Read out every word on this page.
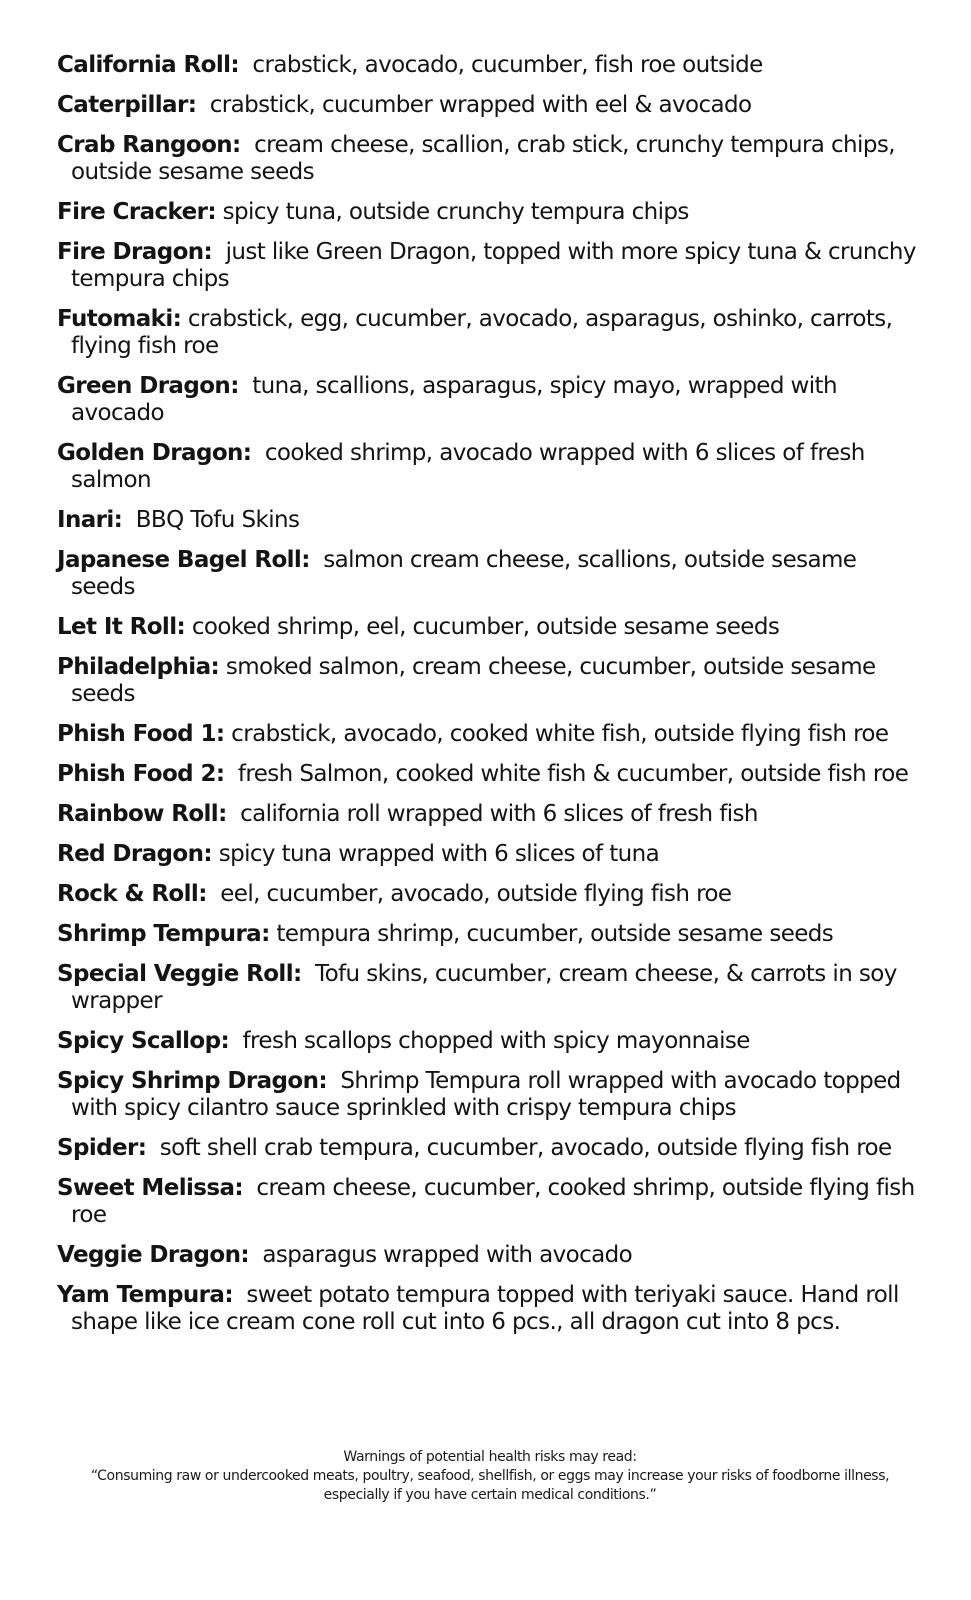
California Roll: crabstick, avocado, cucumber, fish roe outside
Caterpillar: crabstick, cucumber wrapped with eel & avocado
Crab Rangoon: cream cheese, scallion, crab stick, crunchy tempura chips, outside sesame seeds
Fire Cracker: spicy tuna, outside crunchy tempura chips
Fire Dragon: just like Green Dragon, topped with more spicy tuna & crunchy tempura chips
Futomaki: crabstick, egg, cucumber, avocado, asparagus, oshinko, carrots, flying fish roe
Green Dragon: tuna, scallions, asparagus, spicy mayo, wrapped with avocado
Golden Dragon: cooked shrimp, avocado wrapped with 6 slices of fresh salmon
Inari: BBQ Tofu Skins
Japanese Bagel Roll: salmon cream cheese, scallions, outside sesame seeds
Let It Roll: cooked shrimp, eel, cucumber, outside sesame seeds
Philadelphia: smoked salmon, cream cheese, cucumber, outside sesame seeds
Phish Food 1: crabstick, avocado, cooked white fish, outside flying fish roe
Phish Food 2: fresh Salmon, cooked white fish & cucumber, outside fish roe
Rainbow Roll: california roll wrapped with 6 slices of fresh fish
Red Dragon: spicy tuna wrapped with 6 slices of tuna
Rock & Roll: eel, cucumber, avocado, outside flying fish roe
Shrimp Tempura: tempura shrimp, cucumber, outside sesame seeds
Special Veggie Roll: Tofu skins, cucumber, cream cheese, & carrots in soy wrapper
Spicy Scallop: fresh scallops chopped with spicy mayonnaise
Spicy Shrimp Dragon: Shrimp Tempura roll wrapped with avocado topped with spicy cilantro sauce sprinkled with crispy tempura chips
Spider: soft shell crab tempura, cucumber, avocado, outside flying fish roe
Sweet Melissa: cream cheese, cucumber, cooked shrimp, outside flying fish roe
Veggie Dragon: asparagus wrapped with avocado
Yam Tempura: sweet potato tempura topped with teriyaki sauce. Hand roll shape like ice cream cone roll cut into 6 pcs., all dragon cut into 8 pcs.

Warnings of potential health risks may read:

“Consuming raw or undercooked meats, poultry, seafood, shellfish, or eggs may increase your risks of foodborne illness, especially if you have certain medical conditions.”
